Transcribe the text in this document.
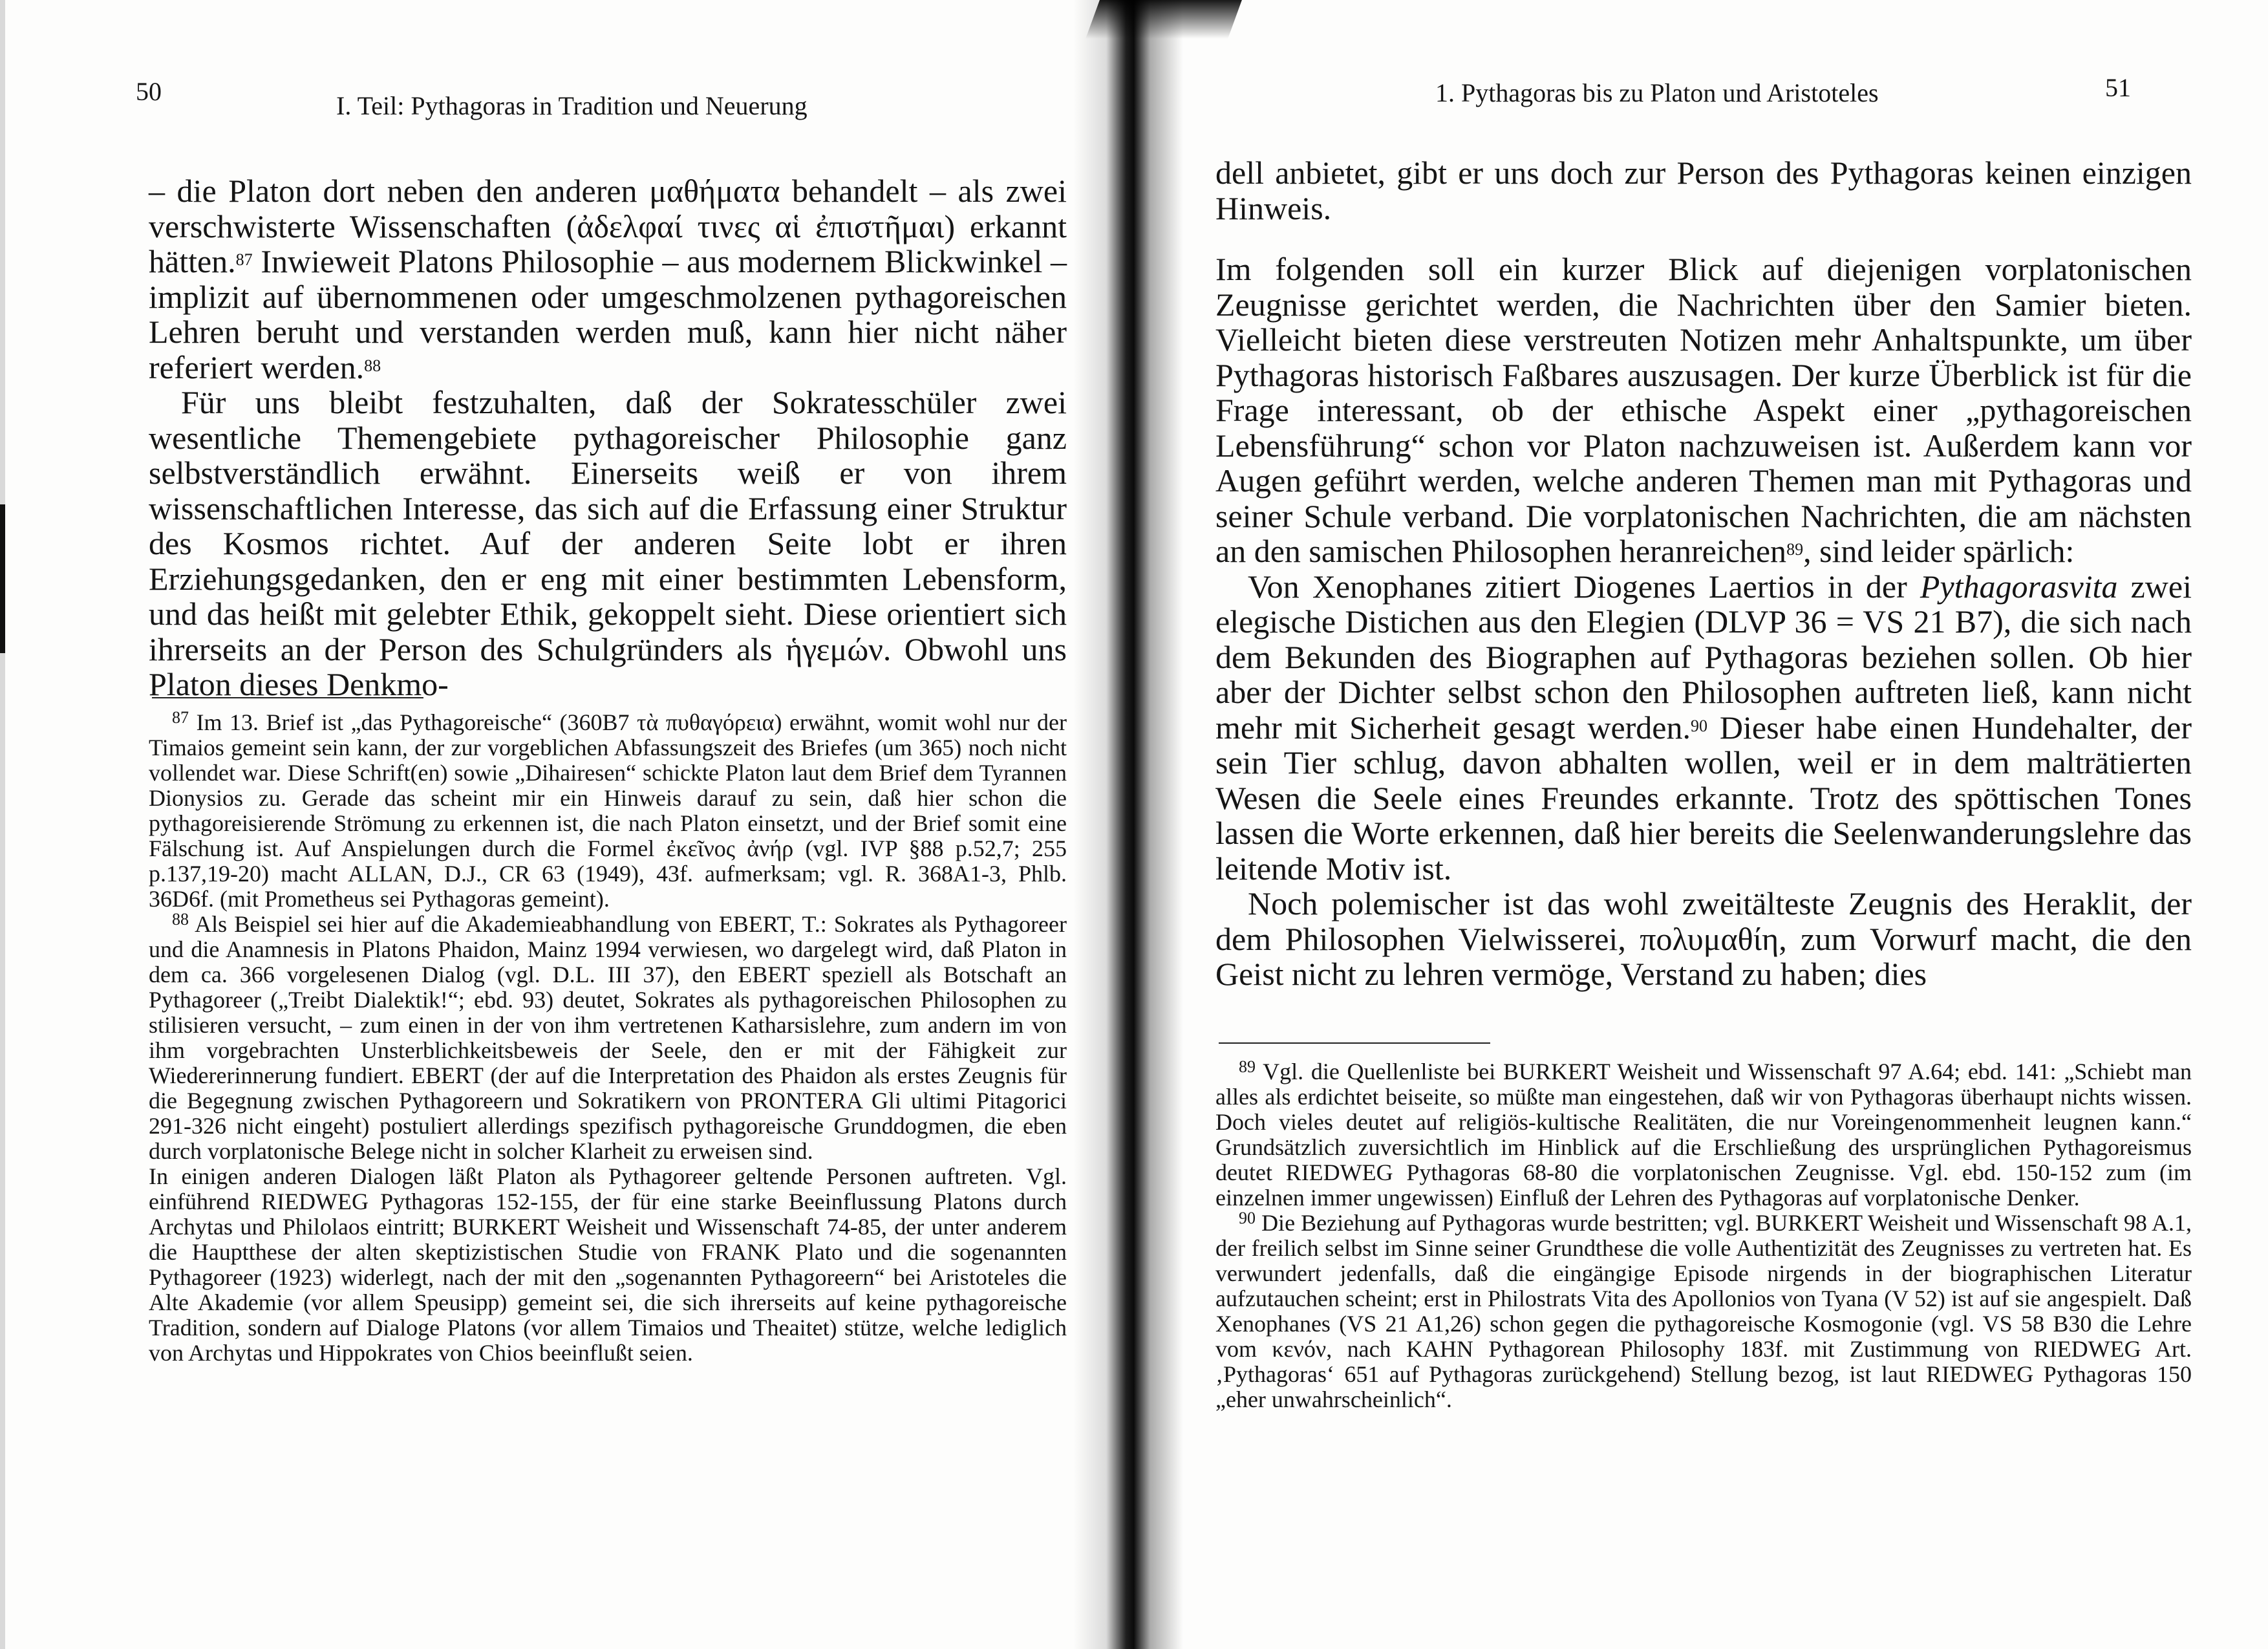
50	I. Teil: Pythagoras in Tradition und Neuerung

– die Platon dort neben den anderen μαθήματα behandelt – als zwei verschwisterte Wissenschaften (ἀδελφαί τινες αἱ ἐπιστῆμαι) erkannt hätten.$^{87}$ Inwieweit Platons Philosophie – aus modernem Blickwinkel – implizit auf übernommenen oder umgeschmolzenen pythagoreischen Lehren beruht und verstanden werden muß, kann hier nicht näher referiert werden.$^{88}$

Für uns bleibt festzuhalten, daß der Sokratesschüler zwei wesentliche Themengebiete pythagoreischer Philosophie ganz selbstverständlich erwähnt. Einerseits weiß er von ihrem wissenschaftlichen Interesse, das sich auf die Erfassung einer Struktur des Kosmos richtet. Auf der anderen Seite lobt er ihren Erziehungsgedanken, den er eng mit einer bestimmten Lebensform, und das heißt mit gelebter Ethik, gekoppelt sieht. Diese orientiert sich ihrerseits an der Person des Schulgründers als ἡγεμών. Obwohl uns Platon dieses Denkmo-

$^{87}$ Im 13. Brief ist „das Pythagoreische“ (360B7 τὰ πυθαγόρεια) erwähnt, womit wohl nur der Timaios gemeint sein kann, der zur vorgeblichen Abfassungszeit des Briefes (um 365) noch nicht vollendet war. Diese Schrift(en) sowie „Dihairesen“ schickte Platon laut dem Brief dem Tyrannen Dionysios zu. Gerade das scheint mir ein Hinweis darauf zu sein, daß hier schon die pythagoreisierende Strömung zu erkennen ist, die nach Platon einsetzt, und der Brief somit eine Fälschung ist. Auf Anspielungen durch die Formel ἐκεῖνος ἀνήρ (vgl. IVP §88 p.52,7; 255 p.137,19-20) macht ALLAN, D.J., CR 63 (1949), 43f. aufmerksam; vgl. R. 368A1-3, Phlb. 36D6f. (mit Prometheus sei Pythagoras gemeint).

$^{88}$ Als Beispiel sei hier auf die Akademieabhandlung von EBERT, T.: Sokrates als Pythagoreer und die Anamnesis in Platons Phaidon, Mainz 1994 verwiesen, wo dargelegt wird, daß Platon in dem ca. 366 vorgelesenen Dialog (vgl. D.L. III 37), den EBERT speziell als Botschaft an Pythagoreer („Treibt Dialektik!“; ebd. 93) deutet, Sokrates als pythagoreischen Philosophen zu stilisieren versucht, – zum einen in der von ihm vertretenen Katharsislehre, zum andern im von ihm vorgebrachten Unsterblichkeitsbeweis der Seele, den er mit der Fähigkeit zur Wiedererinnerung fundiert. EBERT (der auf die Interpretation des Phaidon als erstes Zeugnis für die Begegnung zwischen Pythagoreern und Sokratikern von PRONTERA Gli ultimi Pitagorici 291-326 nicht eingeht) postuliert allerdings spezifisch pythagoreische Grunddogmen, die eben durch vorplatonische Belege nicht in solcher Klarheit zu erweisen sind.

In einigen anderen Dialogen läßt Platon als Pythagoreer geltende Personen auftreten. Vgl. einführend RIEDWEG Pythagoras 152-155, der für eine starke Beeinflussung Platons durch Archytas und Philolaos eintritt; BURKERT Weisheit und Wissenschaft 74-85, der unter anderem die Hauptthese der alten skeptizistischen Studie von FRANK Plato und die sogenannten Pythagoreer (1923) widerlegt, nach der mit den „sogenannten Pythagoreern“ bei Aristoteles die Alte Akademie (vor allem Speusipp) gemeint sei, die sich ihrerseits auf keine pythagoreische Tradition, sondern auf Dialoge Platons (vor allem Timaios und Theaitet) stütze, welche lediglich von Archytas und Hippokrates von Chios beeinflußt seien.

1. Pythagoras bis zu Platon und Aristoteles	51

dell anbietet, gibt er uns doch zur Person des Pythagoras keinen einzigen Hinweis.

Im folgenden soll ein kurzer Blick auf diejenigen vorplatonischen Zeugnisse gerichtet werden, die Nachrichten über den Samier bieten. Vielleicht bieten diese verstreuten Notizen mehr Anhaltspunkte, um über Pythagoras historisch Faßbares auszusagen. Der kurze Überblick ist für die Frage interessant, ob der ethische Aspekt einer „pythagoreischen Lebensführung“ schon vor Platon nachzuweisen ist. Außerdem kann vor Augen geführt werden, welche anderen Themen man mit Pythagoras und seiner Schule verband. Die vorplatonischen Nachrichten, die am nächsten an den samischen Philosophen heranreichen$^{89}$, sind leider spärlich:

Von Xenophanes zitiert Diogenes Laertios in der Pythagorasvita zwei elegische Distichen aus den Elegien (DLVP 36 = VS 21 B7), die sich nach dem Bekunden des Biographen auf Pythagoras beziehen sollen. Ob hier aber der Dichter selbst schon den Philosophen auftreten ließ, kann nicht mehr mit Sicherheit gesagt werden.$^{90}$ Dieser habe einen Hundehalter, der sein Tier schlug, davon abhalten wollen, weil er in dem malträtierten Wesen die Seele eines Freundes erkannte. Trotz des spöttischen Tones lassen die Worte erkennen, daß hier bereits die Seelenwanderungslehre das leitende Motiv ist.

Noch polemischer ist das wohl zweitälteste Zeugnis des Heraklit, der dem Philosophen Vielwisserei, πολυμαθίη, zum Vorwurf macht, die den Geist nicht zu lehren vermöge, Verstand zu haben; dies

$^{89}$ Vgl. die Quellenliste bei BURKERT Weisheit und Wissenschaft 97 A.64; ebd. 141: „Schiebt man alles als erdichtet beiseite, so müßte man eingestehen, daß wir von Pythagoras überhaupt nichts wissen. Doch vieles deutet auf religiös-kultische Realitäten, die nur Voreingenommenheit leugnen kann.“ Grundsätzlich zuversichtlich im Hinblick auf die Erschließung des ursprünglichen Pythagoreismus deutet RIEDWEG Pythagoras 68-80 die vorplatonischen Zeugnisse. Vgl. ebd. 150-152 zum (im einzelnen immer ungewissen) Einfluß der Lehren des Pythagoras auf vorplatonische Denker.

$^{90}$ Die Beziehung auf Pythagoras wurde bestritten; vgl. BURKERT Weisheit und Wissenschaft 98 A.1, der freilich selbst im Sinne seiner Grundthese die volle Authentizität des Zeugnisses zu vertreten hat. Es verwundert jedenfalls, daß die eingängige Episode nirgends in der biographischen Literatur aufzutauchen scheint; erst in Philostrats Vita des Apollonios von Tyana (V 52) ist auf sie angespielt. Daß Xenophanes (VS 21 A1,26) schon gegen die pythagoreische Kosmogonie (vgl. VS 58 B30 die Lehre vom κενόν, nach KAHN Pythagorean Philosophy 183f. mit Zustimmung von RIEDWEG Art. ‚Pythagoras‘ 651 auf Pythagoras zurückgehend) Stellung bezog, ist laut RIEDWEG Pythagoras 150 „eher unwahrscheinlich“.
